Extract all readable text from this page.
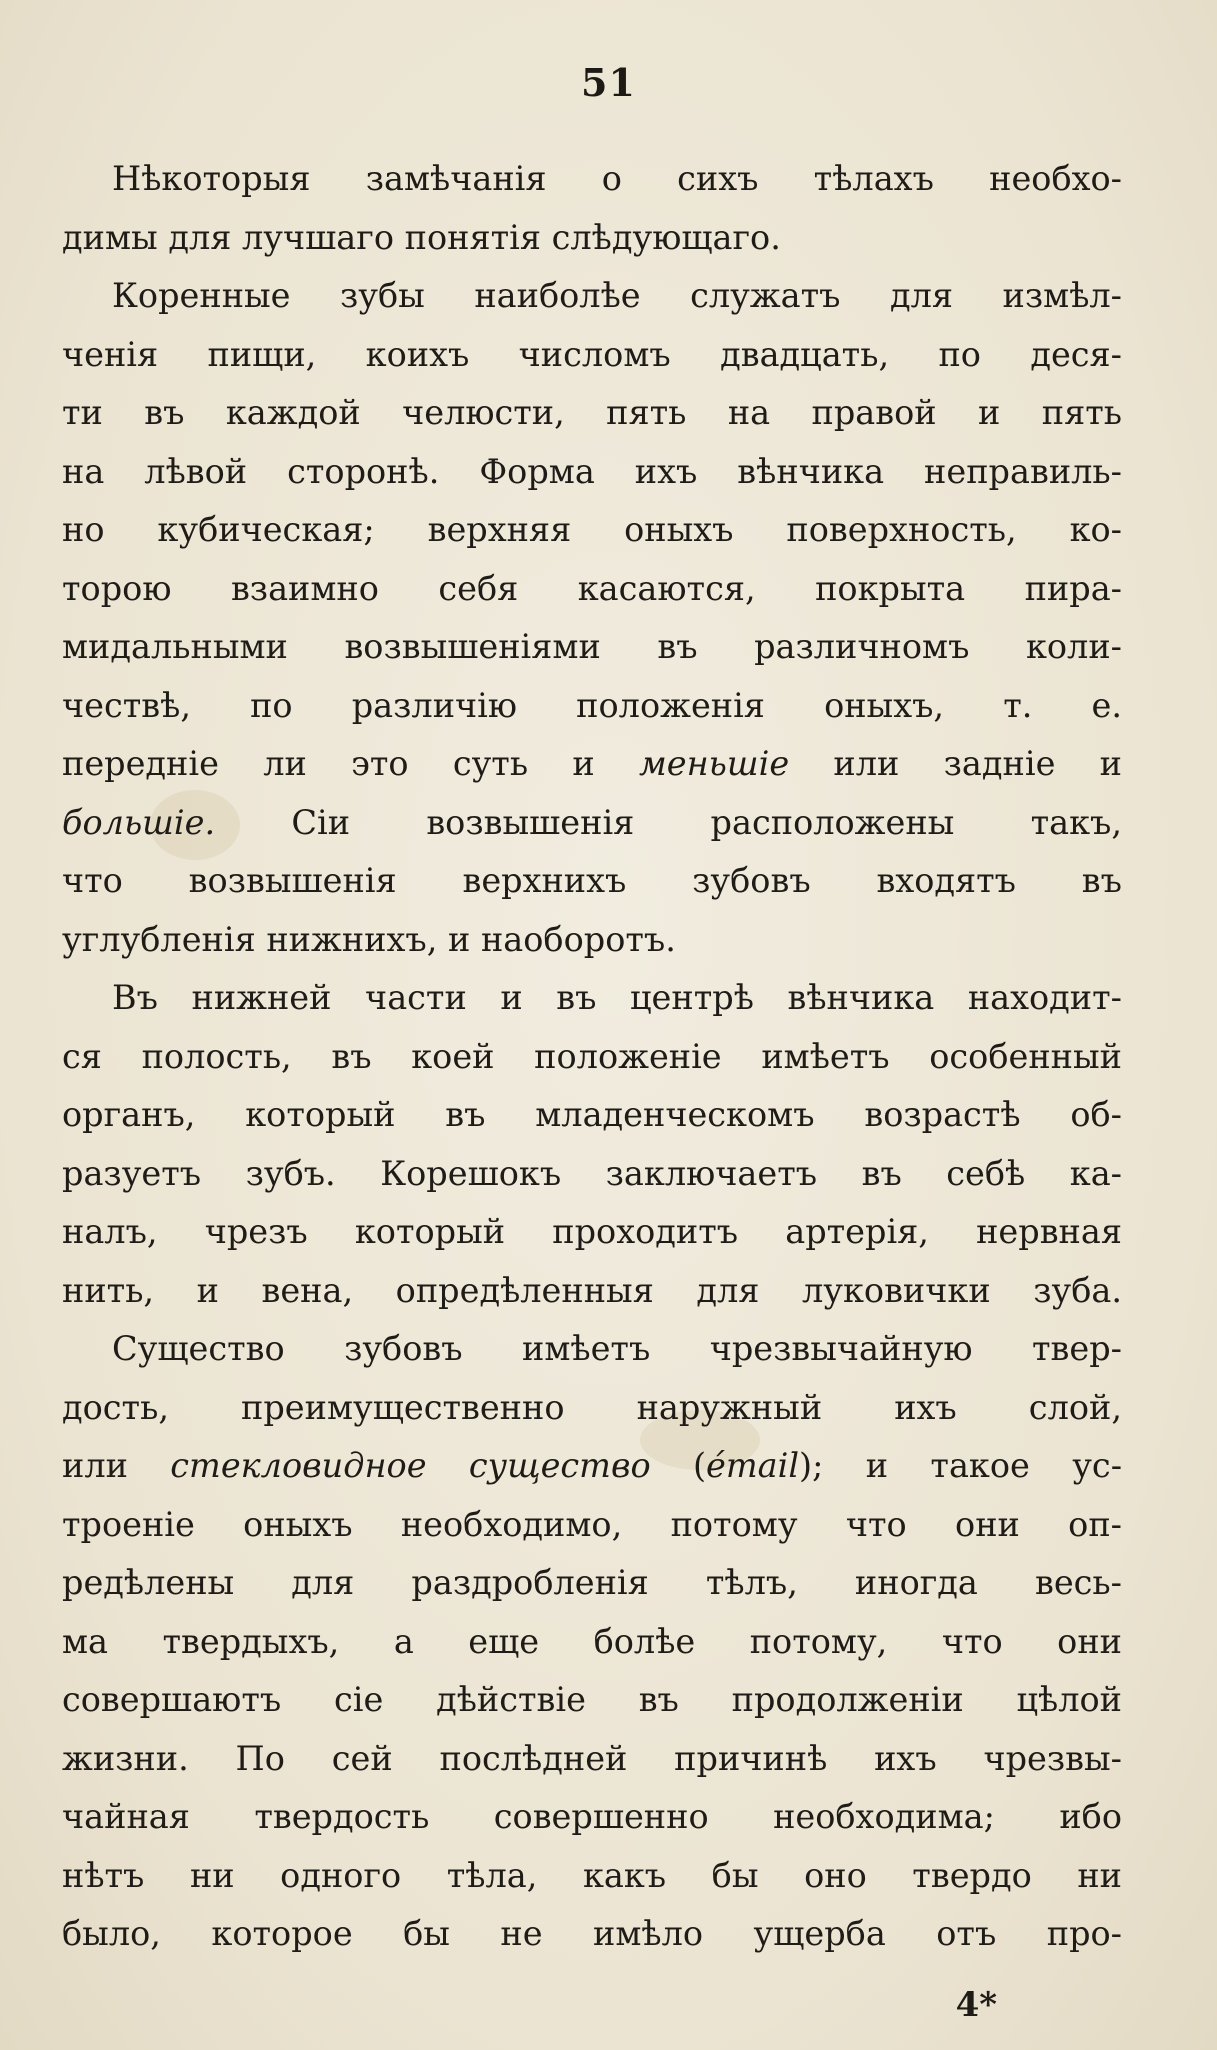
51
Нѣкоторыя замѣчанія о сихъ тѣлахъ необхо-
димы для лучшаго понятія слѣдующаго.
Коренные зубы наиболѣе служатъ для измѣл-
ченія пищи, коихъ числомъ двадцать, по деся-
ти въ каждой челюсти, пять на правой и пять
на лѣвой сторонѣ. Форма ихъ вѣнчика неправиль-
но кубическая; верхняя оныхъ поверхность, ко-
торою взаимно себя касаются, покрыта пира-
мидальными возвышеніями въ различномъ коли-
чествѣ, по различію положенія оныхъ, т. е.
передніе ли это суть и меньшіе или задніе и
большіе. Сіи возвышенія расположены такъ,
что возвышенія верхнихъ зубовъ входятъ въ
углубленія нижнихъ, и наоборотъ.
Въ нижней части и въ центрѣ вѣнчика находит-
ся полость, въ коей положеніе имѣетъ особенный
органъ, который въ младенческомъ возрастѣ об-
разуетъ зубъ. Корешокъ заключаетъ въ себѣ ка-
налъ, чрезъ который проходитъ артерія, нервная
нить, и вена, опредѣленныя для луковички зуба.
Существо зубовъ имѣетъ чрезвычайную твер-
дость, преимущественно наружный ихъ слой,
или стекловидное существо (émail); и такое ус-
троеніе оныхъ необходимо, потому что они оп-
редѣлены для раздробленія тѣлъ, иногда весь-
ма твердыхъ, а еще болѣе потому, что они
совершаютъ сіе дѣйствіе въ продолженіи цѣлой
жизни. По сей послѣдней причинѣ ихъ чрезвы-
чайная твердость совершенно необходима; ибо
нѣтъ ни одного тѣла, какъ бы оно твердо ни
было, которое бы не имѣло ущерба отъ про-
4*
